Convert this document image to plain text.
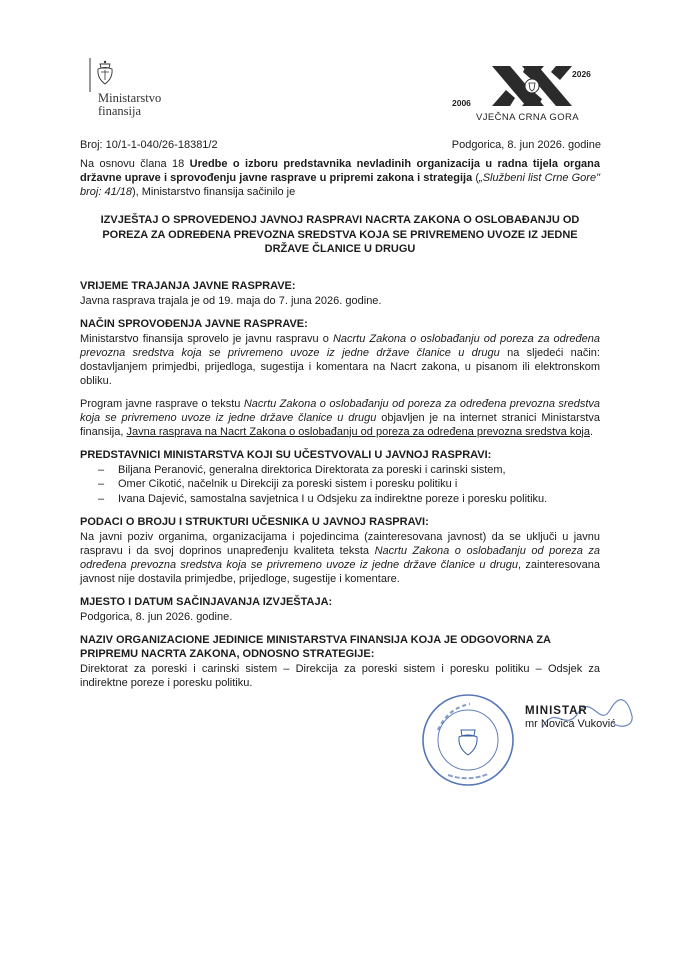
Ministarstvo
finansija
2006
2026
VJEČNA CRNA GORA
Broj: 10/1-1-040/26-18381/2	Podgorica, 8. jun 2026. godine

Na osnovu člana 18 Uredbe o izboru predstavnika nevladinih organizacija u radna tijela organa državne uprave i sprovođenju javne rasprave u pripremi zakona i strategija („Službeni list Crne Gore" broj: 41/18), Ministarstvo finansija sačinilo je

IZVJEŠTAJ O SPROVEDENOJ JAVNOJ RASPRAVI NACRTA ZAKONA O OSLOBAĐANJU OD POREZA ZA ODREĐENA PREVOZNA SREDSTVA KOJA SE PRIVREMENO UVOZE IZ JEDNE DRŽAVE ČLANICE U DRUGU

VRIJEME TRAJANJA JAVNE RASPRAVE:

Javna rasprava trajala je od 19. maja do 7. juna 2026. godine.

NAČIN SPROVOĐENJA JAVNE RASPRAVE:

Ministarstvo finansija sprovelo je javnu raspravu o Nacrtu Zakona o oslobađanju od poreza za određena prevozna sredstva koja se privremeno uvoze iz jedne države članice u drugu na sljedeći način: dostavljanjem primjedbi, prijedloga, sugestija i komentara na Nacrt zakona, u pisanom ili elektronskom obliku.

Program javne rasprave o tekstu Nacrtu Zakona o oslobađanju od poreza za određena prevozna sredstva koja se privremeno uvoze iz jedne države članice u drugu objavljen je na internet stranici Ministarstva finansija, Javna rasprava na Nacrt Zakona o oslobađanju od poreza za određena prevozna sredstva koja.

PREDSTAVNICI MINISTARSTVA KOJI SU UČESTVOVALI U JAVNOJ RASPRAVI:
– Biljana Peranović, generalna direktorica Direktorata za poreski i carinski sistem,
– Omer Cikotić, načelnik u Direkciji za poreski sistem i poresku politiku i
– Ivana Dajević, samostalna savjetnica I u Odsjeku za indirektne poreze i poresku politiku.
PODACI O BROJU I STRUKTURI UČESNIKA U JAVNOJ RASPRAVI:

Na javni poziv organima, organizacijama i pojedincima (zainteresovana javnost) da se uključi u javnu raspravu i da svoj doprinos unapređenju kvaliteta teksta Nacrtu Zakona o oslobađanju od poreza za određena prevozna sredstva koja se privremeno uvoze iz jedne države članice u drugu, zainteresovana javnost nije dostavila primjedbe, prijedloge, sugestije i komentare.

MJESTO I DATUM SAČINJAVANJA IZVJEŠTAJA:

Podgorica, 8. jun 2026. godine.

NAZIV ORGANIZACIONE JEDINICE MINISTARSTVA FINANSIJA KOJA JE ODGOVORNA ZA PRIPREMU NACRTA ZAKONA, ODNOSNO STRATEGIJE:

Direktorat za poreski i carinski sistem – Direkcija za poreski sistem i poresku politiku – Odsjek za indirektne poreze i poresku politiku.

MINISTAR
mr Novica Vuković
